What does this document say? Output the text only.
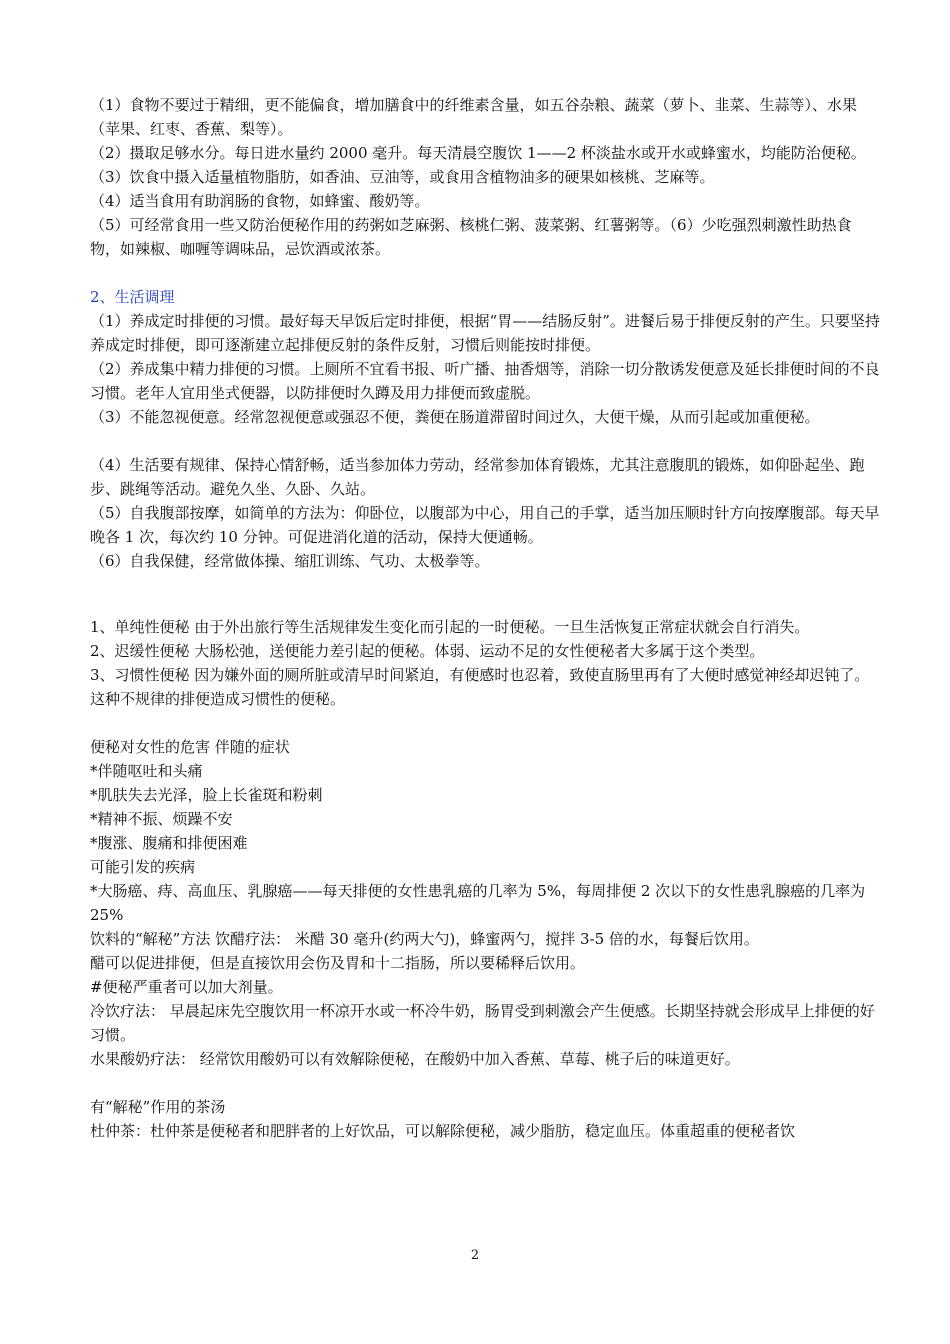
（1）食物不要过于精细，更不能偏食，增加膳食中的纤维素含量，如五谷杂粮、蔬菜（萝卜、韭菜、生蒜等）、水果（苹果、红枣、香蕉、梨等）。

（2）摄取足够水分。每日进水量约 2000 毫升。每天清晨空腹饮 1——2 杯淡盐水或开水或蜂蜜水，均能防治便秘。

（3）饮食中摄入适量植物脂肪，如香油、豆油等，或食用含植物油多的硬果如核桃、芝麻等。

（4）适当食用有助润肠的食物，如蜂蜜、酸奶等。

（5）可经常食用一些又防治便秘作用的药粥如芝麻粥、核桃仁粥、菠菜粥、红薯粥等。（6）少吃强烈刺激性助热食物，如辣椒、咖喱等调味品，忌饮酒或浓茶。

2、生活调理

（1）养成定时排便的习惯。最好每天早饭后定时排便，根据“胃——结肠反射”。进餐后易于排便反射的产生。只要坚持养成定时排便，即可逐渐建立起排便反射的条件反射，习惯后则能按时排便。

（2）养成集中精力排便的习惯。上厕所不宜看书报、听广播、抽香烟等，消除一切分散诱发便意及延长排便时间的不良习惯。老年人宜用坐式便器，以防排便时久蹲及用力排便而致虚脱。

（3）不能忽视便意。经常忽视便意或强忍不便，粪便在肠道滞留时间过久，大便干燥，从而引起或加重便秘。

（4）生活要有规律、保持心情舒畅，适当参加体力劳动，经常参加体育锻炼，尤其注意腹肌的锻炼，如仰卧起坐、跑步、跳绳等活动。避免久坐、久卧、久站。

（5）自我腹部按摩，如简单的方法为：仰卧位，以腹部为中心，用自己的手掌，适当加压顺时针方向按摩腹部。每天早晚各 1 次，每次约 10 分钟。可促进消化道的活动，保持大便通畅。

（6）自我保健，经常做体操、缩肛训练、气功、太极拳等。

1、单纯性便秘 由于外出旅行等生活规律发生变化而引起的一时便秘。一旦生活恢复正常症状就会自行消失。

2、迟缓性便秘 大肠松弛，送便能力差引起的便秘。体弱、运动不足的女性便秘者大多属于这个类型。

3、习惯性便秘 因为嫌外面的厕所脏或清早时间紧迫，有便感时也忍着，致使直肠里再有了大便时感觉神经却迟钝了。这种不规律的排便造成习惯性的便秘。

便秘对女性的危害 伴随的症状

*伴随呕吐和头痛

*肌肤失去光泽，脸上长雀斑和粉刺

*精神不振、烦躁不安

*腹涨、腹痛和排便困难

可能引发的疾病

*大肠癌、痔、高血压、乳腺癌——每天排便的女性患乳癌的几率为 5%，每周排便 2 次以下的女性患乳腺癌的几率为 25%

饮料的“解秘”方法 饮醋疗法： 米醋 30 毫升(约两大勺)，蜂蜜两勺，搅拌 3-5 倍的水，每餐后饮用。

醋可以促进排便，但是直接饮用会伤及胃和十二指肠，所以要稀释后饮用。

#便秘严重者可以加大剂量。

冷饮疗法： 早晨起床先空腹饮用一杯凉开水或一杯冷牛奶，肠胃受到刺激会产生便感。长期坚持就会形成早上排便的好习惯。

水果酸奶疗法： 经常饮用酸奶可以有效解除便秘，在酸奶中加入香蕉、草莓、桃子后的味道更好。

有“解秘”作用的茶汤

杜仲茶：杜仲茶是便秘者和肥胖者的上好饮品，可以解除便秘，减少脂肪，稳定血压。体重超重的便秘者饮

2
